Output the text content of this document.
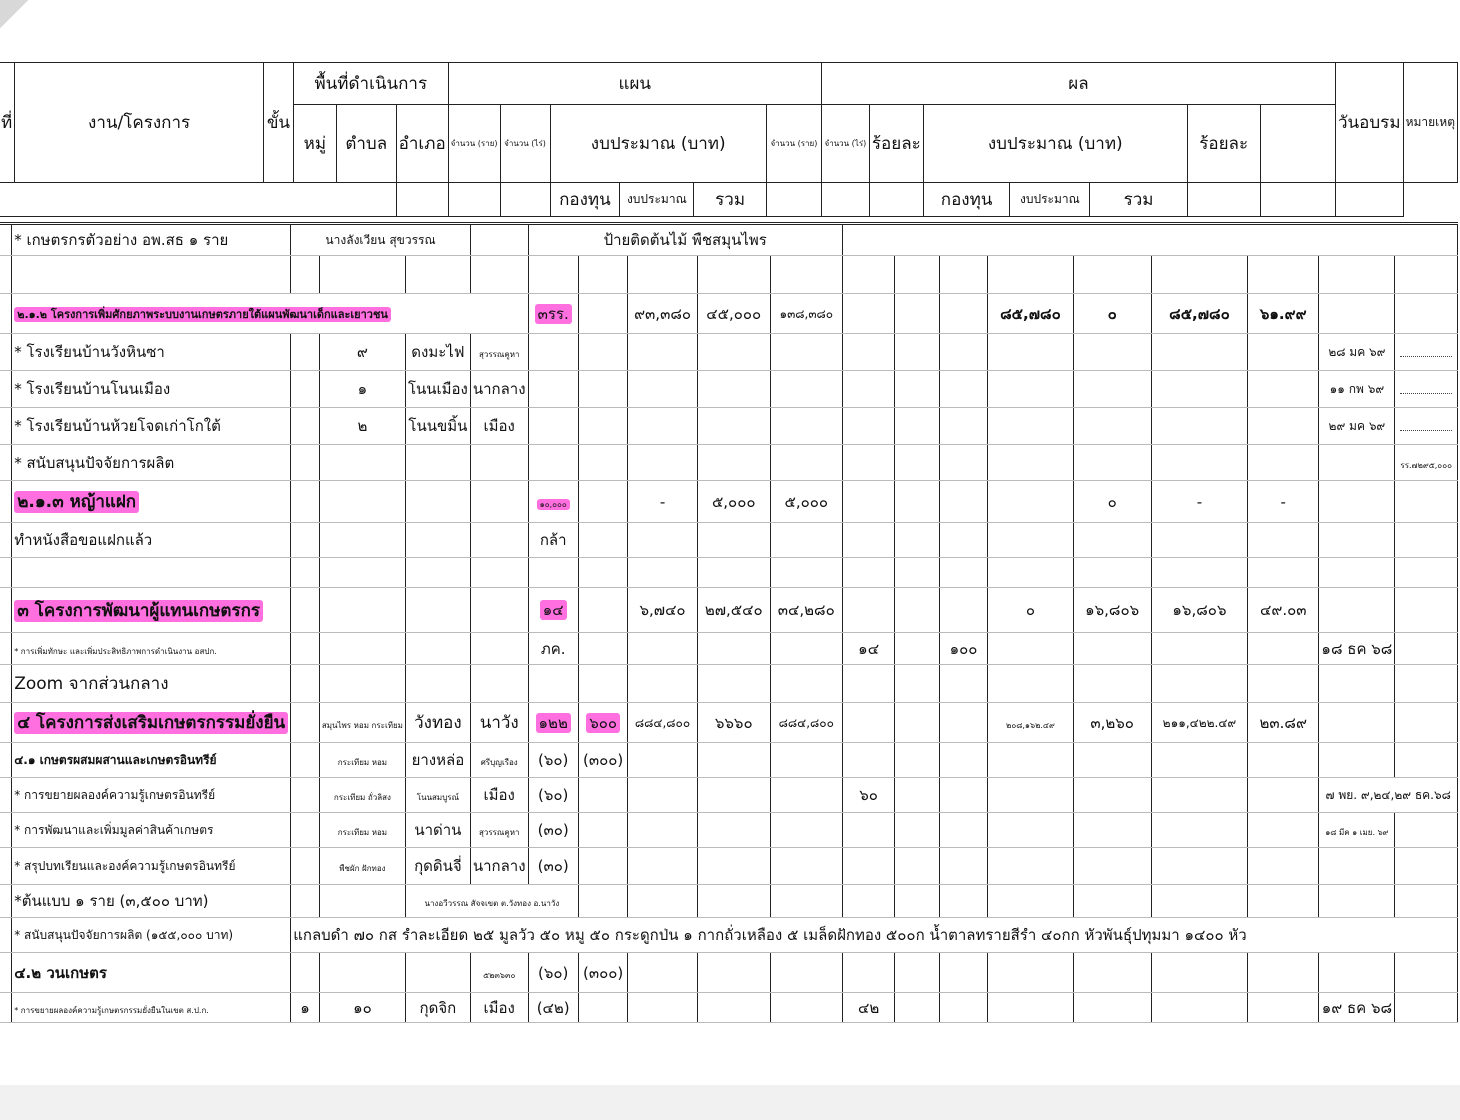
ที่	งาน/โครงการ	ขั้น	พื้นที่ดำเนินการ			แผน						ผล							วันอบรม	หมายเหตุ
			หมู่	ตำบล	อำเภอ	จำนวน (ราย)	จำนวน (ไร่)	งบประมาณ (บาท)			จำนวน (ราย)	จำนวน (ไร่)	ร้อยละ	งบประมาณ (บาท)			ร้อยละ			
								กองทุน	งบประมาณ	รวม				กองทุน	งบประมาณ	รวม				
	* เกษตรกรตัวอย่าง อพ.สธ ๑ ราย	นางลังเวียน สุขวรรณ				ป้ายติดต้นไม้ พืชสมุนไพร													

	๒.๑.๒ โครงการเพิ่มศักยภาพระบบงานเกษตรภายใต้แผนพัฒนาเด็กและเยาวชน					๓รร.		๙๓,๓๘๐	๔๕,๐๐๐	๑๓๘,๓๘๐				๘๕,๗๘๐	๐	๘๕,๗๘๐	๖๑.๙๙		
	* โรงเรียนบ้านวังหินซา		๙	ดงมะไฟ	สุวรรณคูหา													๒๘ มค ๖๙	
	* โรงเรียนบ้านโนนเมือง		๑	โนนเมือง	นากลาง													๑๑ กพ ๖๙	
	* โรงเรียนบ้านห้วยโจดเก่าโกใต้		๒	โนนขมิ้น	เมือง													๒๙ มค ๖๙	
	* สนับสนุนปัจจัยการผลิต																		รร.๗๒๙๕,๐๐๐
	๒.๑.๓ หญ้าแฝก					๑๐,๐๐๐		-	๕,๐๐๐	๕,๐๐๐					๐	-	-		
	ทำหนังสือขอแฝกแล้ว					กล้า													

	๓ โครงการพัฒนาผู้แทนเกษตรกร					๑๔		๖,๗๔๐	๒๗,๕๔๐	๓๔,๒๘๐				๐	๑๖,๘๐๖	๑๖,๘๐๖	๔๙.๐๓		
	* การเพิ่มทักษะ และเพิ่มประสิทธิภาพการดำเนินงาน อสปก.					ภค.					๑๔		๑๐๐					๑๘ ธค ๖๘	
	Zoom จากส่วนกลาง																		
	๔ โครงการส่งเสริมเกษตรกรรมยั่งยืน		สมุนไพร หอม กระเทียม	วังทอง	นาวัง	๑๒๒	๖๐๐	๘๘๔,๘๐๐	๖๖๖๐	๘๘๔,๘๐๐				๒๐๘,๑๖๒.๔๙	๓,๒๖๐	๒๑๑,๔๒๒.๔๙	๒๓.๘๙		
	๔.๑ เกษตรผสมผสานและเกษตรอินทรีย์		กระเทียม หอม	ยางหล่อ	ศรีบุญเรือง	(๖๐)	(๓๐๐)												
	* การขยายผลองค์ความรู้เกษตรอินทรีย์		กระเทียม ถั่วลิสง	โนนสมบูรณ์	เมือง	(๖๐)					๖๐							๗ พย. ๙,๒๔,๒๙ ธค.๖๘	
	* การพัฒนาและเพิ่มมูลค่าสินค้าเกษตร		กระเทียม หอม	นาด่าน	สุวรรณคูหา	(๓๐)												๑๘ มีค ๑ เมย. ๖๙	
	* สรุปบทเรียนและองค์ความรู้เกษตรอินทรีย์		พืชผัก ฝักทอง	กุดดินจี่	นากลาง	(๓๐)													
	*ต้นแบบ ๑ ราย (๓,๕๐๐ บาท)			นางอวีวรรณ สัจจเขต ต.วังทอง อ.นาวัง															
	* สนับสนุนปัจจัยการผลิต (๑๕๕,๐๐๐ บาท)	แกลบดำ ๗๐ กส รำละเอียด ๒๕ มูลวัว ๕๐ หมู ๕๐ กระดูกป่น ๑ กากถั่วเหลือง ๕ เมล็ดฝักทอง ๕๐๐ก น้ำตาลทรายสีรำ ๔๐กก หัวพันธุ์ปทุมมา ๑๔๐๐ หัว																	
	๔.๒ วนเกษตร				๕๒๓๖๓๐	(๖๐)	(๓๐๐)												
	* การขยายผลองค์ความรู้เกษตรกรรมยั่งยืนในเขต ส.ป.ก.	๑	๑๐	กุดจิก	เมือง	(๔๒)					๔๒							๑๙ ธค ๖๘	
